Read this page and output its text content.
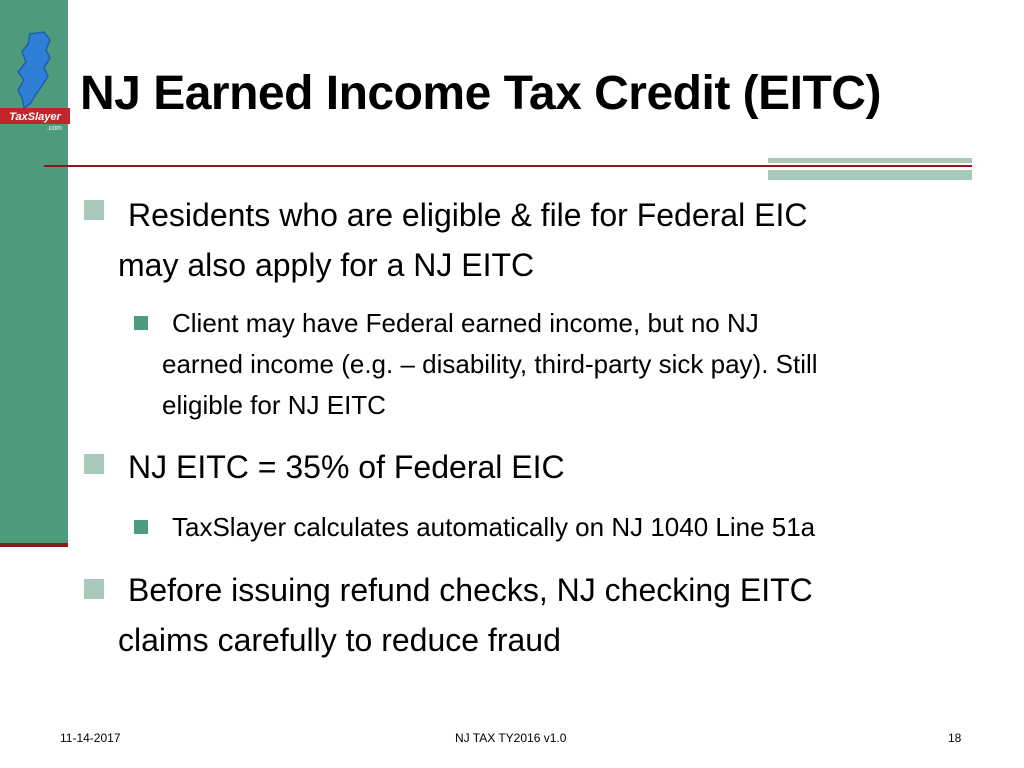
TaxSlayer
.com
NJ Earned Income Tax Credit (EITC)
Residents who are eligible & file for Federal EIC
may also apply for a NJ EITC
Client may have Federal earned income, but no NJ
earned income (e.g. – disability, third-party sick pay). Still
eligible for NJ EITC
NJ EITC = 35% of Federal EIC
TaxSlayer calculates automatically on NJ 1040 Line 51a
Before issuing refund checks, NJ checking EITC
claims carefully to reduce fraud
11-14-2017	NJ TAX TY2016 v1.0	18
